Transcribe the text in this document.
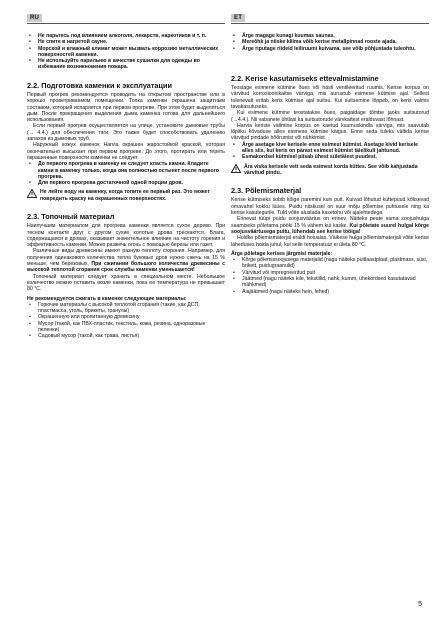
RU	ET
• Не парьтесь под влиянием алкоголя, лекарств, наркотиков и т. п.
• Не спите в нагретой сауне.
• Морской и влажный климат может вызвать коррозию металлических поверхностей каменки.
• Не используйте парильню в качестве сушилки для одежды во избежание возникновения пожара.
2.2. Подготовка каменки к эксплуатации

Первый прогрев рекомендуется проводить на открытом пространстве или в хорошо проветриваемом помещении. Топка каменки окрашена защитным составом, который испаряется при первом прогреве. При этом будет выделяться дым. После прекращения выделения дыма каменка готова для дальнейшего использования.

Если первый прогрев осуществляется на улице, установите дымовые трубы (→ 4.4.) для обеспечения тяги. Это также будет способствовать удалению запахов из дымовых труб.

Наружный кожух каменок Harvia окрашен жаростойкой краской, которая окончательно высыхает при первом прогреве. До этого, протирать или тереть окрашенные поверхности каменки не следует.

• До первого прогрева в каменку не следует класть камни. Кладите камни в каменку только, когда она полностью остынет после первого прогрева.
• Для первого прогрева достаточной одной порции дров.
Не лейте воду на каменку, когда топите ее первый раз. Это может повредить краску на окрашенных поверхностях.
2.3. Топочный материал

Наилучшим материалом для прогрева каменки является сухое дерево. При тесном контакте друг с другом сухие колотые дрова трескаются. Влага, содержащаяся в дровах, оказывает значительное влияние на чистоту горения и эффективность каменки. Можно разжечь огонь с помощью березы или газет.

Различные виды древесины имеют разную теплоту сгорания. Например, для получения одинакового количества тепла буковых дров нужно сжечь на 15 % меньше, чем березовых. При сжигании большого количества древесины с высокой теплотой сгорания срок службы каменки уменьшается!

Топочный материал следует хранить в специальном месте. Небольшое количество можно оставить возле каменки, пока ее температура не превышает 80 °C.

Не рекомендуется сжигать в каменке следующие материалы:
• Горючие материалы с высокой теплотой сгорания (такие, как ДСП, пластмасса, уголь, брикеты, гранулы)
• Окрашенную или пропитанную древесину
• Мусор (такой, как ПВХ-пластик, текстиль, кожа, резина, одноразовые пеленки)
• Садовый мусор (такой, как трава, листья)
• Ärge magage kunagi kuumas saunas.
• Mereõhk ja niiske kliima võib kerise metallpinnad rooste ajada.
• Ärge riputage riideid leiliruumi kuivama, see võib põhjustada tuleohtu.
2.2. Kerise kasutamiseks ettevalmistamine

Teostage esimene kütmine õues või hästi ventileeritud ruumis. Kerise korpus on värvitud korrosioonikaitse värviga, mis aurustub esimese kütmise ajal. Sellest tulenevalt eritab keris kütmise ajal suitsu. Kui suitsemine lõppeb, on keris valmis tavakasutuseks.

Kui esimene kütmine teostatakse õues, paigaldage tõmbe jaoks suitsutorud (→4.4.). Nii vabanete ühtlasi ka suitsutorude värvkattest eralduvast lõhnast.

Harvia keriste välimine korpus on kaetud kuumuskindla värviga, mis saavutab lõpliku kõvaduse alles esimese kütmise käigus. Enne seda tuleks vältida kerise värvitud pindade hõõrumist või nühkimist.

• Ärge asetage kive kerisele enne esimest kütmist. Asetage kivid kerisele alles siis, kui keris on pärast esimest kütmist täielikult jahtunud.
• Esmakordsel kütmisel piisab ühest sületäiest puudest.
Ära viska kerisele vett seda esimest korda küttes. See võib kahjustada värvitud pindu.
2.3. Põlemismaterjal

Kerise kütmiseks sobib kõige paremini kuiv puit. Kuivad lõhutud küttepuud kõlisevad omavahel kokku lüües. Puidu niiskusel on suur mõju põlemise puhtusele ning ka kerise kasutegurile. Tuld võite alustada kasetohu või ajalehtedega.

Erinevat tüüpi puidu soojusväärtus on erinev. Näiteks peate sama soojushulga saamiseks põletama pööki 15 % vähem kui kaske. Kui põletate suurel hulgal kõrge soojusväärtusega puitu, lühendab see kerise tööiga!

Hoidke põlemismaterjal eraldi hoiualas. Väikese hulga põlemismaterjali võite kerise läheduses hoida juhul, kui selle temperatuur ei ületa 80 °C.

Ärge põletage kerises järgmisi materjale:
• Kõrge põlemissoojusega materjalid (nagu näiteks puitlaastplaat, plastmass, süsi, brikett, puidugraanulid)
• Värvitud või impregneeritud puit
• Jäätmed (nagu näiteks kile, tekstiilid, nahk, kumm, ühekordsed kasutatavad mähkmed)
• Aiajäätmed (nagu näiteks hein, lehed)
5
